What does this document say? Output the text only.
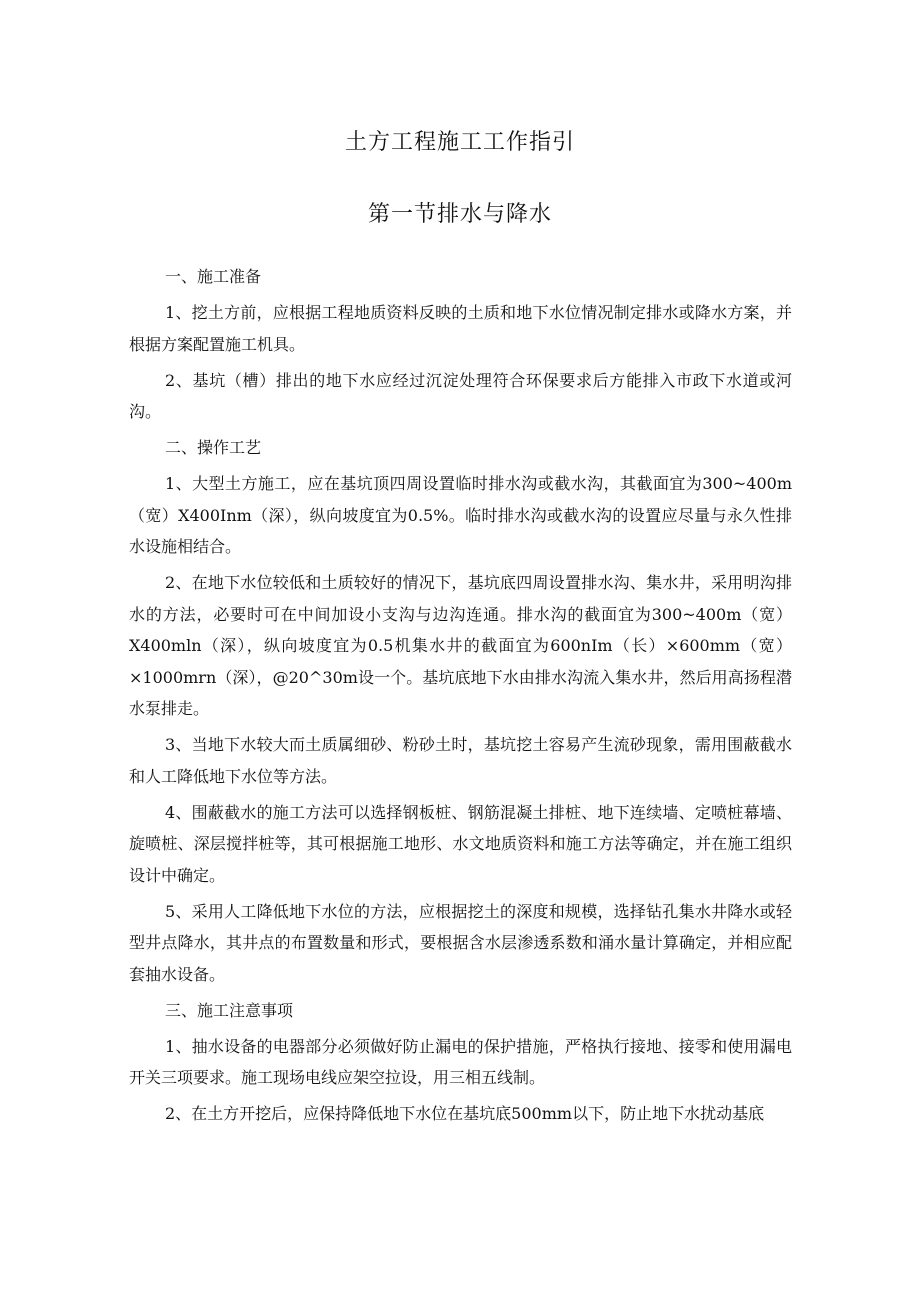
土方工程施工工作指引
第一节排水与降水

一、施工准备

1、挖土方前，应根据工程地质资料反映的土质和地下水位情况制定排水或降水方案，并根据方案配置施工机具。

2、基坑（槽）排出的地下水应经过沉淀处理符合环保要求后方能排入市政下水道或河沟。

二、操作工艺

1、大型土方施工，应在基坑顶四周设置临时排水沟或截水沟，其截面宜为300~400m（宽）X400Inm（深），纵向坡度宜为0.5%。临时排水沟或截水沟的设置应尽量与永久性排水设施相结合。

2、在地下水位较低和土质较好的情况下，基坑底四周设置排水沟、集水井，采用明沟排水的方法，必要时可在中间加设小支沟与边沟连通。排水沟的截面宜为300~400m（宽）X400mln（深），纵向坡度宜为0.5机集水井的截面宜为600nIm（长）×600mm（宽）×1000mrn（深），@20^30m设一个。基坑底地下水由排水沟流入集水井，然后用高扬程潜水泵排走。

3、当地下水较大而土质属细砂、粉砂土时，基坑挖土容易产生流砂现象，需用围蔽截水和人工降低地下水位等方法。

4、围蔽截水的施工方法可以选择钢板桩、钢筋混凝土排桩、地下连续墙、定喷桩幕墙、旋喷桩、深层搅拌桩等，其可根据施工地形、水文地质资料和施工方法等确定，并在施工组织设计中确定。

5、采用人工降低地下水位的方法，应根据挖土的深度和规模，选择钻孔集水井降水或轻型井点降水，其井点的布置数量和形式，要根据含水层渗透系数和涌水量计算确定，并相应配套抽水设备。

三、施工注意事项

1、抽水设备的电器部分必须做好防止漏电的保护措施，严格执行接地、接零和使用漏电开关三项要求。施工现场电线应架空拉设，用三相五线制。

2、在土方开挖后，应保持降低地下水位在基坑底500mm以下，防止地下水扰动基底
